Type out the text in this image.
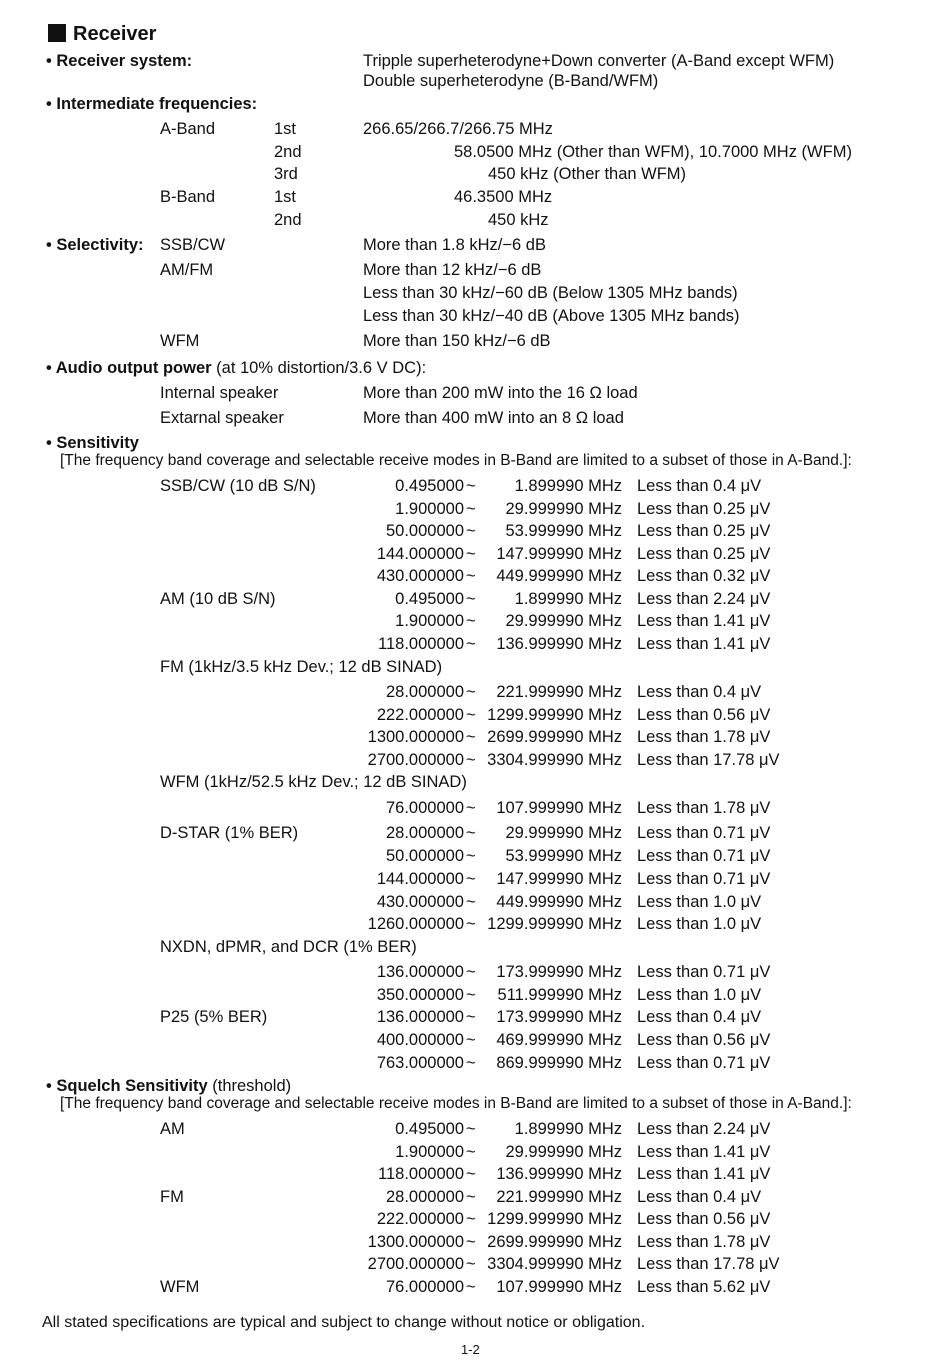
Receiver
• Receiver system:	Tripple superheterodyne+Down converter (A-Band except WFM)
Double superheterodyne (B-Band/WFM)
• Intermediate frequencies:
A-Band	1st	266.65/266.7/266.75 MHz
2nd	58.0500 MHz (Other than WFM), 10.7000 MHz (WFM)
3rd	450 kHz (Other than WFM)
B-Band	1st	46.3500 MHz
2nd	450 kHz
• Selectivity: SSB/CW	More than 1.8 kHz/−6 dB
AM/FM	More than 12 kHz/−6 dB
Less than 30 kHz/−60 dB (Below 1305 MHz bands)
Less than 30 kHz/−40 dB (Above 1305 MHz bands)
WFM	More than 150 kHz/−6 dB
• Audio output power (at 10% distortion/3.6 V DC):
Internal speaker	More than 200 mW into the 16 Ω load
Extarnal speaker	More than 400 mW into an 8 Ω load
• Sensitivity
[The frequency band coverage and selectable receive modes in B-Band are limited to a subset of those in A-Band.]:
SSB/CW (10 dB S/N)	0.495000 ~	1.899990 MHz Less than 0.4 μV
1.900000 ~	29.999990 MHz Less than 0.25 μV
50.000000 ~	53.999990 MHz Less than 0.25 μV
144.000000 ~	147.999990 MHz Less than 0.25 μV
430.000000 ~	449.999990 MHz Less than 0.32 μV
AM (10 dB S/N)	0.495000 ~	1.899990 MHz Less than 2.24 μV
1.900000 ~	29.999990 MHz Less than 1.41 μV
118.000000 ~	136.999990 MHz Less than 1.41 μV
FM (1kHz/3.5 kHz Dev.; 12 dB SINAD)
28.000000 ~	221.999990 MHz Less than 0.4 μV
222.000000 ~ 1299.999990 MHz Less than 0.56 μV
1300.000000 ~ 2699.999990 MHz Less than 1.78 μV
2700.000000 ~ 3304.999990 MHz Less than 17.78 μV
WFM (1kHz/52.5 kHz Dev.; 12 dB SINAD)
76.000000 ~	107.999990 MHz Less than 1.78 μV
D-STAR (1% BER)	28.000000 ~	29.999990 MHz Less than 0.71 μV
50.000000 ~	53.999990 MHz Less than 0.71 μV
144.000000 ~	147.999990 MHz Less than 0.71 μV
430.000000 ~	449.999990 MHz Less than 1.0 μV
1260.000000 ~ 1299.999990 MHz Less than 1.0 μV
NXDN, dPMR, and DCR (1% BER)
136.000000 ~	173.999990 MHz Less than 0.71 μV
350.000000 ~	511.999990 MHz Less than 1.0 μV
P25 (5% BER)	136.000000 ~	173.999990 MHz Less than 0.4 μV
400.000000 ~	469.999990 MHz Less than 0.56 μV
763.000000 ~	869.999990 MHz Less than 0.71 μV
• Squelch Sensitivity (threshold)
[The frequency band coverage and selectable receive modes in B-Band are limited to a subset of those in A-Band.]:
AM	0.495000 ~	1.899990 MHz Less than 2.24 μV
1.900000 ~	29.999990 MHz Less than 1.41 μV
118.000000 ~	136.999990 MHz Less than 1.41 μV
FM	28.000000 ~	221.999990 MHz Less than 0.4 μV
222.000000 ~ 1299.999990 MHz Less than 0.56 μV
1300.000000 ~ 2699.999990 MHz Less than 1.78 μV
2700.000000 ~ 3304.999990 MHz Less than 17.78 μV
WFM	76.000000 ~	107.999990 MHz Less than 5.62 μV
All stated specifications are typical and subject to change without notice or obligation.
1-2
